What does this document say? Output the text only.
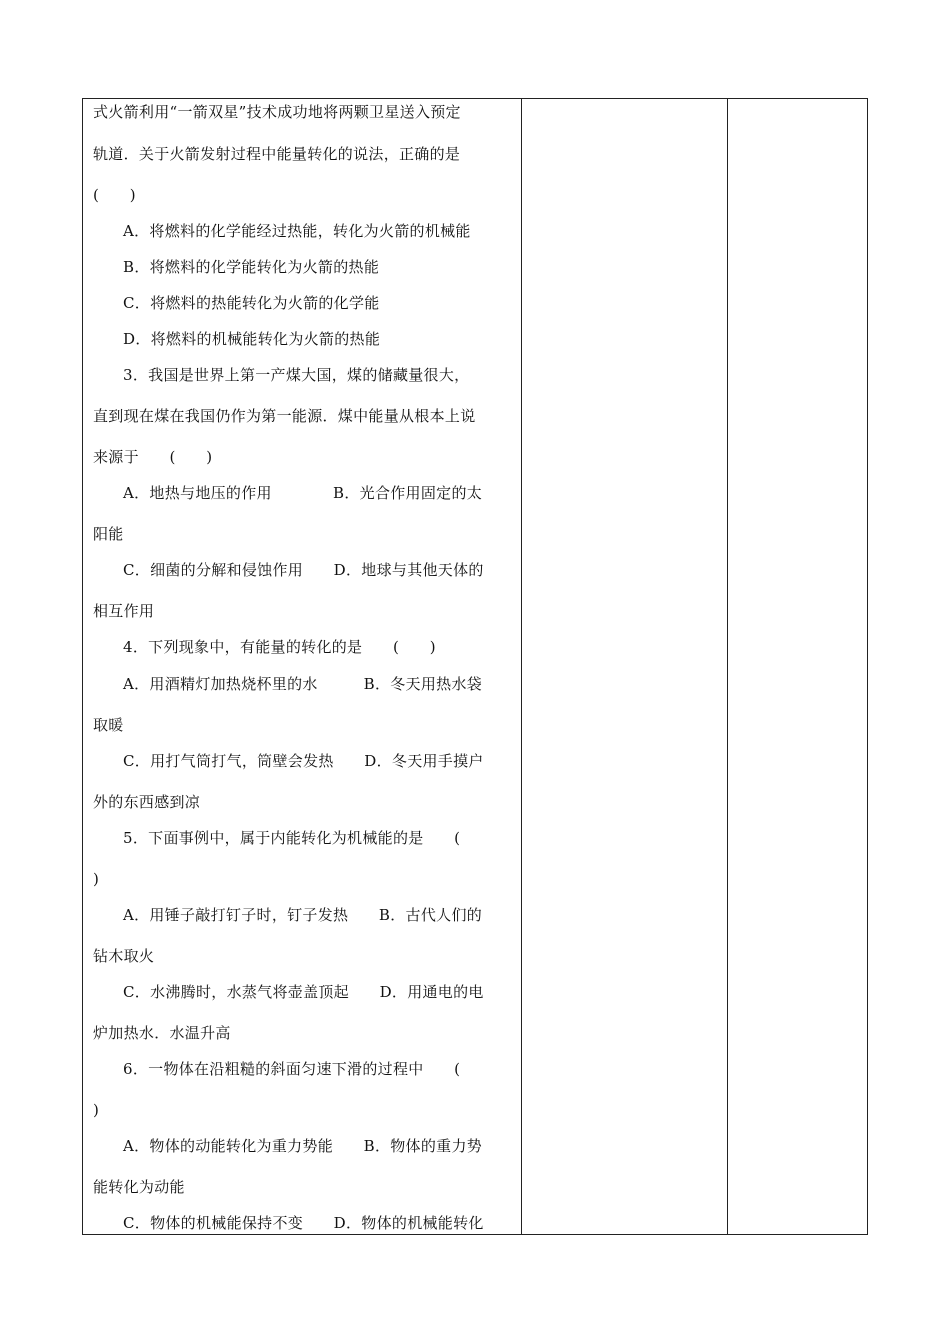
式火箭利用“一箭双星”技术成功地将两颗卫星送入预定
轨道．关于火箭发射过程中能量转化的说法，正确的是
(　　)
A．将燃料的化学能经过热能，转化为火箭的机械能
B．将燃料的化学能转化为火箭的热能
C．将燃料的热能转化为火箭的化学能
D．将燃料的机械能转化为火箭的热能
3．我国是世界上第一产煤大国，煤的储藏量很大，
直到现在煤在我国仍作为第一能源．煤中能量从根本上说
来源于　　(　　)
A．地热与地压的作用　　　　B．光合作用固定的太
阳能
C．细菌的分解和侵蚀作用　　D．地球与其他天体的
相互作用
4．下列现象中，有能量的转化的是　　(　　)
A．用酒精灯加热烧杯里的水　　　B．冬天用热水袋
取暖
C．用打气筒打气，筒壁会发热　　D．冬天用手摸户
外的东西感到凉
5．下面事例中，属于内能转化为机械能的是　　(
)
A．用锤子敲打钉子时，钉子发热　　B．古代人们的
钻木取火
C．水沸腾时，水蒸气将壶盖顶起　　D．用通电的电
炉加热水．水温升高
6．一物体在沿粗糙的斜面匀速下滑的过程中　　(
)
A．物体的动能转化为重力势能　　B．物体的重力势
能转化为动能
C．物体的机械能保持不变　　D．物体的机械能转化
